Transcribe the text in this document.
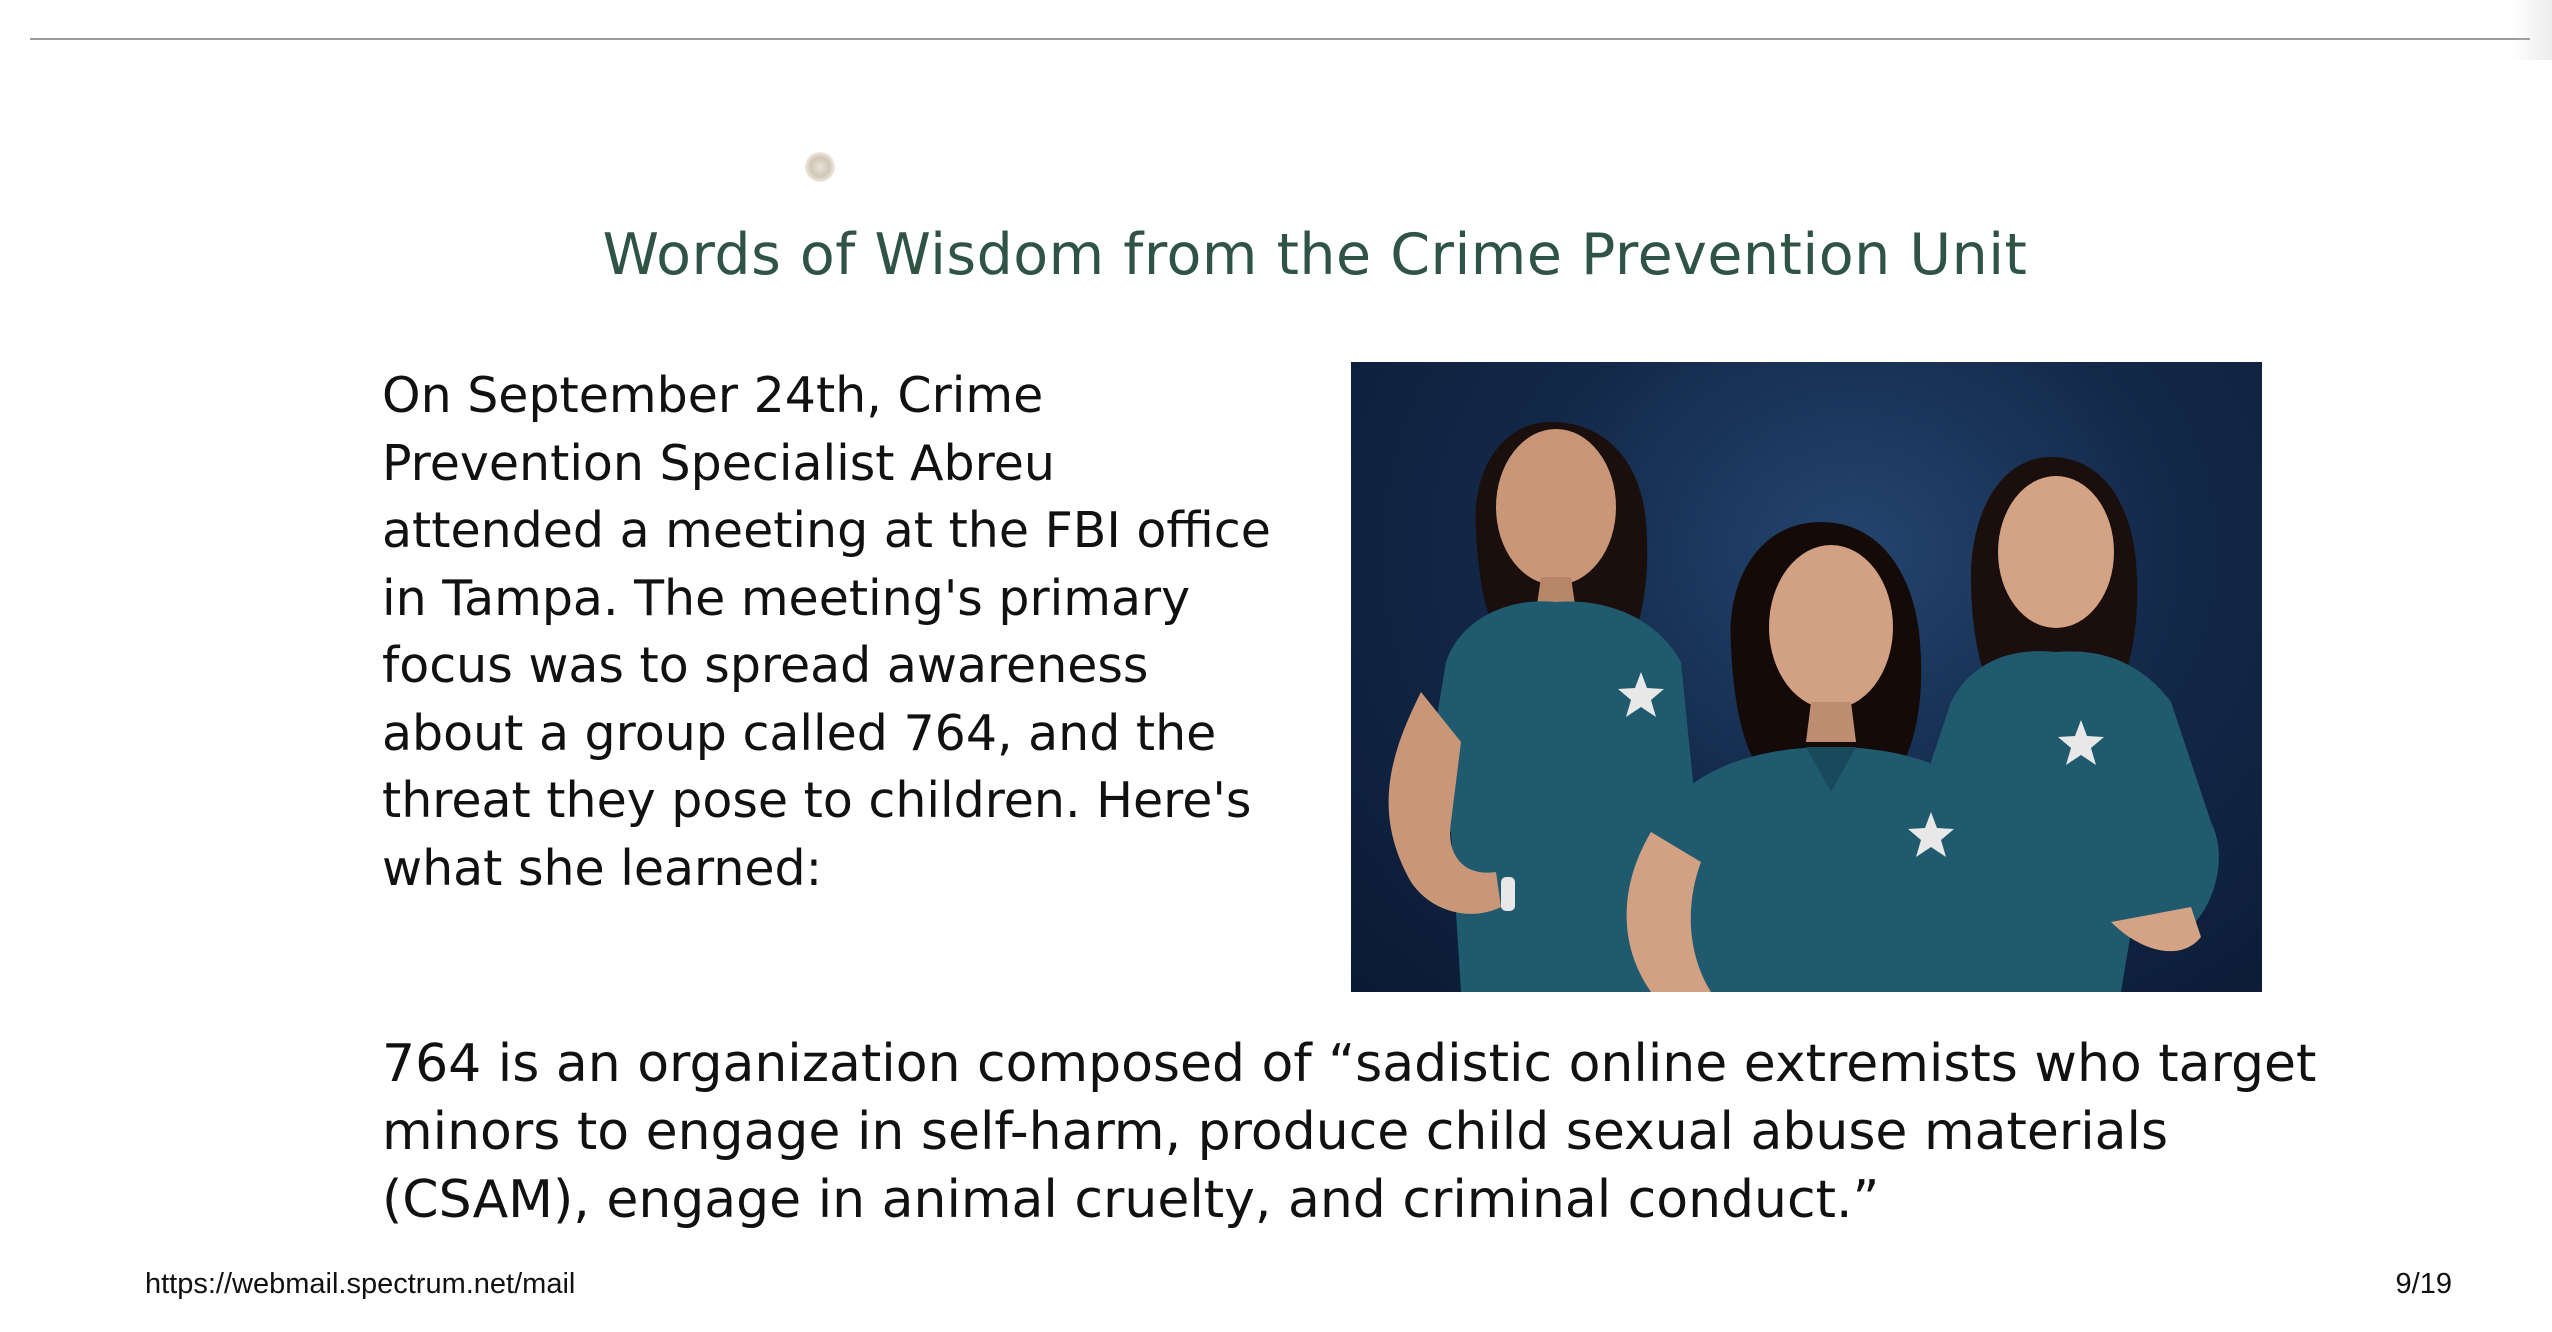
Words of Wisdom from the Crime Prevention Unit

On September 24th, Crime Prevention Specialist Abreu attended a meeting at the FBI office in Tampa. The meeting's primary focus was to spread awareness about a group called 764, and the threat they pose to children. Here's what she learned:

764 is an organization composed of “sadistic online extremists who target minors to engage in self-harm, produce child sexual abuse materials (CSAM), engage in animal cruelty, and criminal conduct.”

https://webmail.spectrum.net/mail	9/19
